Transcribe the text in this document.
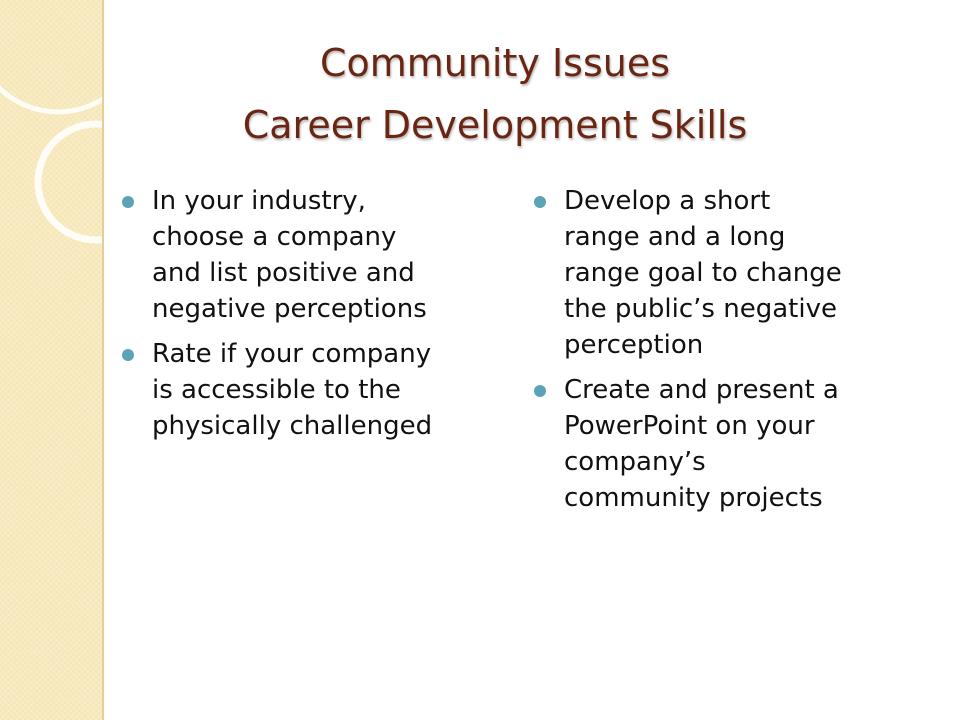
Community Issues
Career Development Skills
In your industry,
choose a company
and list positive and
negative perceptions
Rate if your company
is accessible to the
physically challenged
Develop a short
range and a long
range goal to change
the public’s negative
perception
Create and present a
PowerPoint on your
company’s
community projects
